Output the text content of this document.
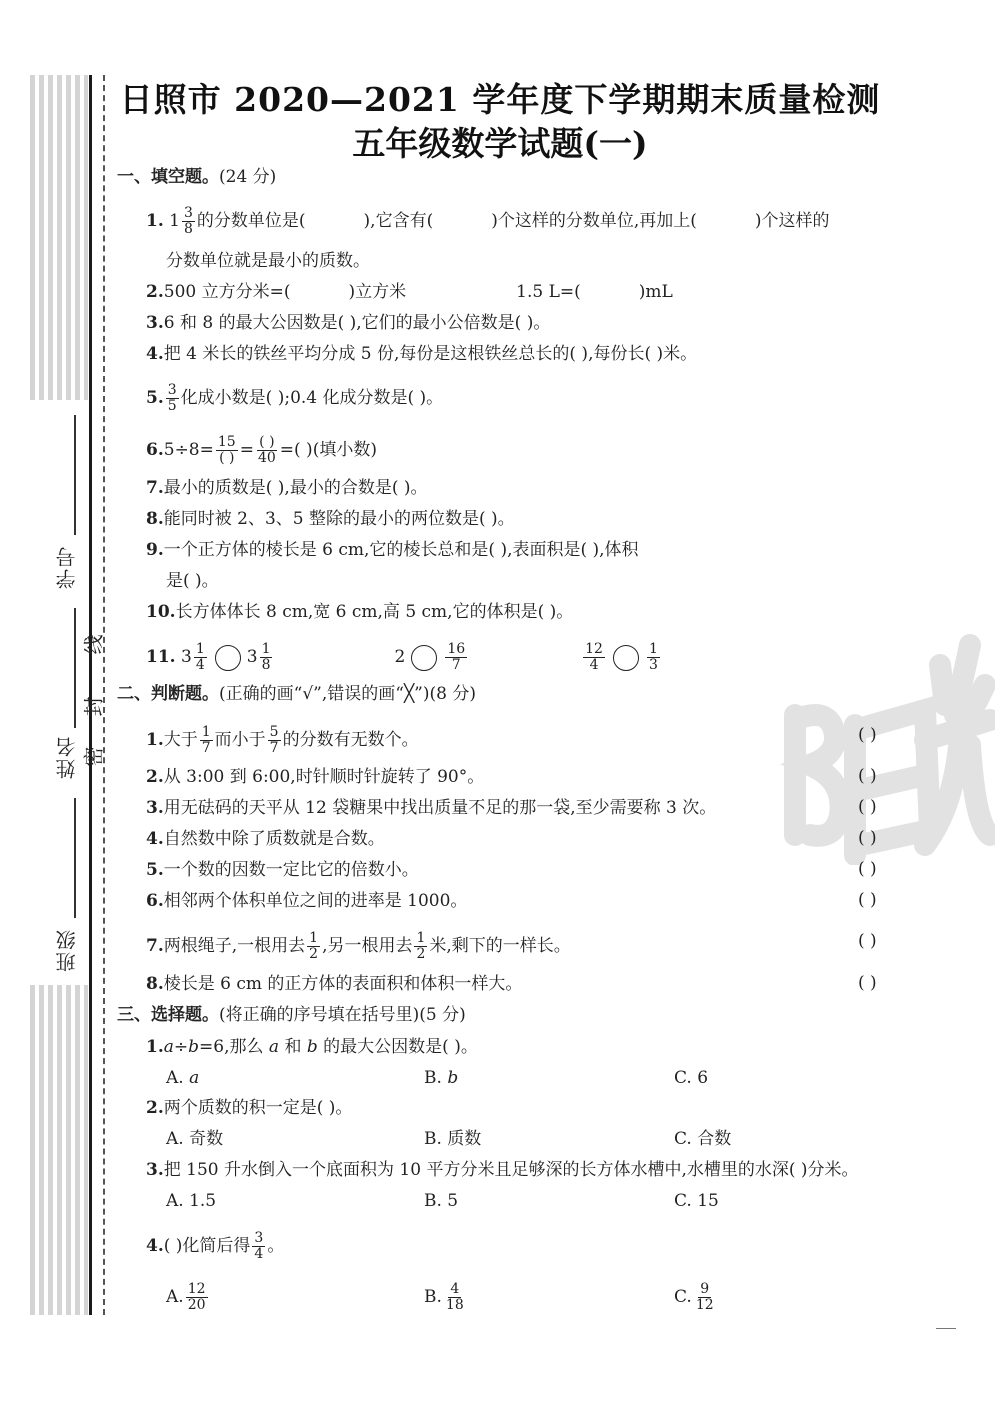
学号
姓名
班级
密
封
线
日照市 2020—2021 学年度下学期期末质量检测
五年级数学试题(一)
一、填空题。(24 分)
1. $1 \frac{3}{8}$ 的分数单位是(	),它含有(	)个这样的分数单位,再加上(	)个这样的
分数单位就是最小的质数。
2.500 立方分米=(	)立方米	1.5 L=(	)mL
3.6 和 8 的最大公因数是( ),它们的最小公倍数是( )。
4.把 4 米长的铁丝平均分成 5 份,每份是这根铁丝总长的( ),每份长( )米。
5. $\frac{3}{5}$ 化成小数是( );0.4 化成分数是( )。
$6.5\div 8= \frac{15}{( )} = \frac{( )}{40}$ =( )(填小数)
7.最小的质数是( ),最小的合数是( )。
8.能同时被 2、3、5 整除的最小的两位数是( )。
9.一个正方体的棱长是 6 cm,它的棱长总和是( ),表面积是( ),体积
是( )。
10.长方体体长 8 cm,宽 6 cm,高 5 cm,它的体积是( )。
11. $3 \frac{1}{4} 3 \frac{1}{8}$	2	$\frac{16}{7}$	$\frac{12}{4}$	$\frac{1}{3}$
二、判断题。(正确的画“√”,错误的画“╳”)(8 分)
1.大于 $\frac{1}{7}$ 而小于 $\frac{5}{7}$ 的分数有无数个。	( )
2.从 3:00 到 6:00,时针顺时针旋转了 90°。	( )
3.用无砝码的天平从 12 袋糖果中找出质量不足的那一袋,至少需要称 3 次。	( )
4.自然数中除了质数就是合数。	( )
5.一个数的因数一定比它的倍数小。	( )
6.相邻两个体积单位之间的进率是 1000。	( )
7.两根绳子,一根用去 $\frac{1}{2}$ ,另一根用去 $\frac{1}{2}$ 米,剩下的一样长。	( )
8.棱长是 6 cm 的正方体的表面积和体积一样大。	( )
三、选择题。(将正确的序号填在括号里)(5 分)
1.a÷b=6,那么 a 和 b 的最大公因数是( )。
A. a	B. b	C. 6
2.两个质数的积一定是( )。
A. 奇数	B. 质数	C. 合数
3.把 150 升水倒入一个底面积为 10 平方分米且足够深的长方体水槽中,水槽里的水深( )分米。
A. 1.5	B. 5	C. 15
4.( )化简后得 $\frac{3}{4}$ 。
A. $\frac{12}{20}$	B. $\frac{4}{18}$	C. $\frac{9}{12}$
